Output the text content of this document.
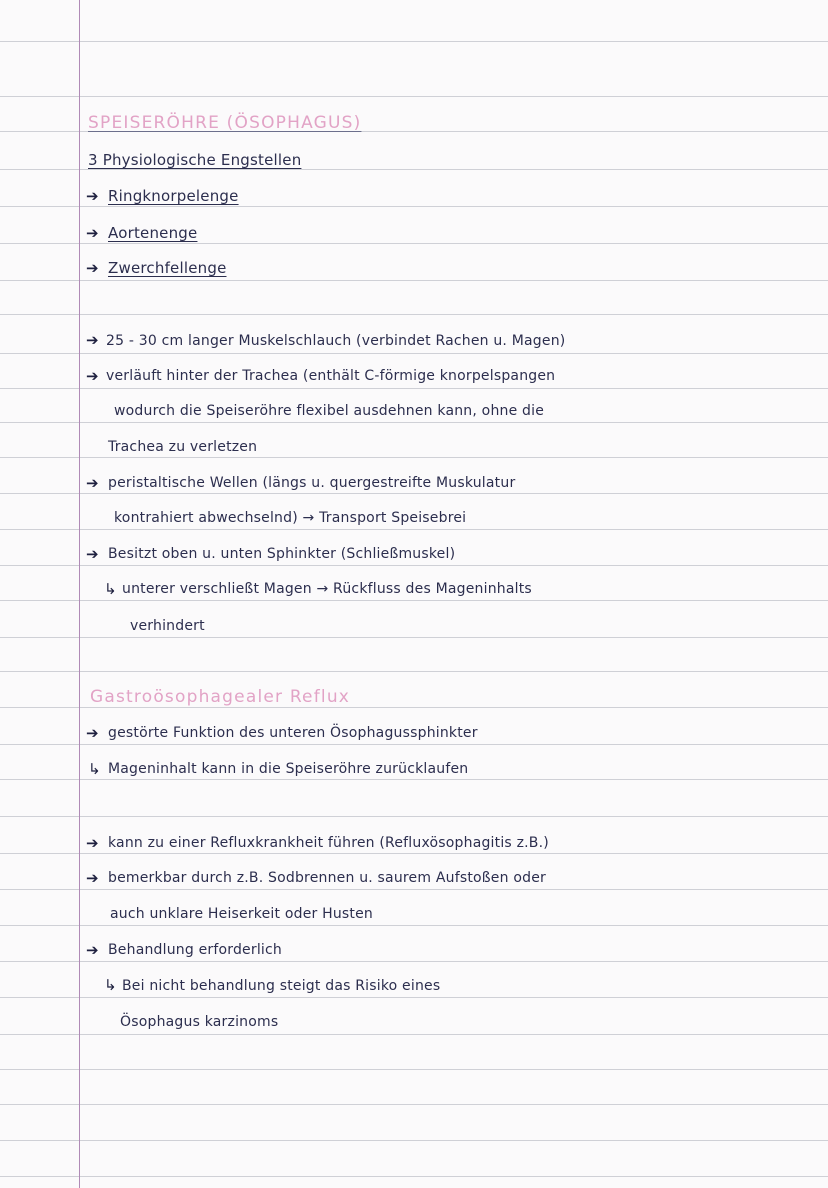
SPEISERÖHRE (ÖSOPHAGUS)
3 Physiologische Engstellen
➔ Ringknorpelenge
➔ Aortenenge
➔ Zwerchfellenge
➔ 25 - 30 cm langer Muskelschlauch (verbindet Rachen u. Magen)
➔ verläuft hinter der Trachea (enthält C-förmige knorpelspangen
wodurch die Speiseröhre flexibel ausdehnen kann, ohne die
Trachea zu verletzen
➔ peristaltische Wellen (längs u. quergestreifte Muskulatur
kontrahiert abwechselnd) → Transport Speisebrei
➔ Besitzt oben u. unten Sphinkter (Schließmuskel)
↳ unterer verschließt Magen → Rückfluss des Mageninhalts
verhindert
Gastroösophagealer Reflux
➔ gestörte Funktion des unteren Ösophagussphinkter
↳ Mageninhalt kann in die Speiseröhre zurücklaufen
➔ kann zu einer Refluxkrankheit führen (Refluxösophagitis z.B.)
➔ bemerkbar durch z.B. Sodbrennen u. saurem Aufstoßen oder
auch unklare Heiserkeit oder Husten
➔ Behandlung erforderlich
↳ Bei nicht behandlung steigt das Risiko eines
Ösophagus karzinoms
